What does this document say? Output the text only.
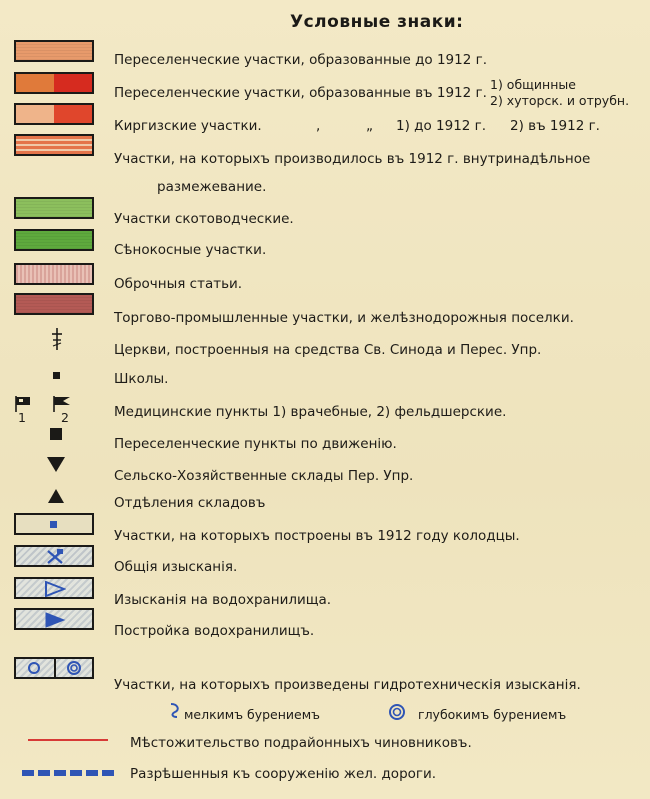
Условные знаки:
Переселенческие участки, образованные до 1912 г.
Переселенческие участки, образованные въ 1912 г.
1) общинные
2) хуторск. и отрубн.
Киргизские участки.	,	„ 1) до 1912 г. 2) въ 1912 г.
Участки, на которыхъ производилось въ 1912 г. внутринадѣльное
размежевание.
Участки скотоводческие.
Сѣнокосные участки.
Оброчныя статьи.
Торгово-промышленные участки, и желѣзнодорожныя поселки.
Церкви, построенныя на средства Св. Синода и Перес. Упр.
Школы.
1	2	Медицинские пункты 1) врачебные, 2) фельдшерские.
Переселенческие пункты по движенiю.
Сельско-Хозяйственные склады Пер. Упр.
Отдѣления складовъ
Участки, на которыхъ построены въ 1912 году колодцы.
Общiя изысканiя.
Изысканiя на водохранилища.
Постройка водохранилищъ.
Участки, на которыхъ произведены гидротехническiя изысканiя.
мелкимъ бурениемъ	глубокимъ бурениемъ
Мѣстожительство подрайонныхъ чиновниковъ.
Разрѣшенныя къ сооруженiю жел. дороги.
